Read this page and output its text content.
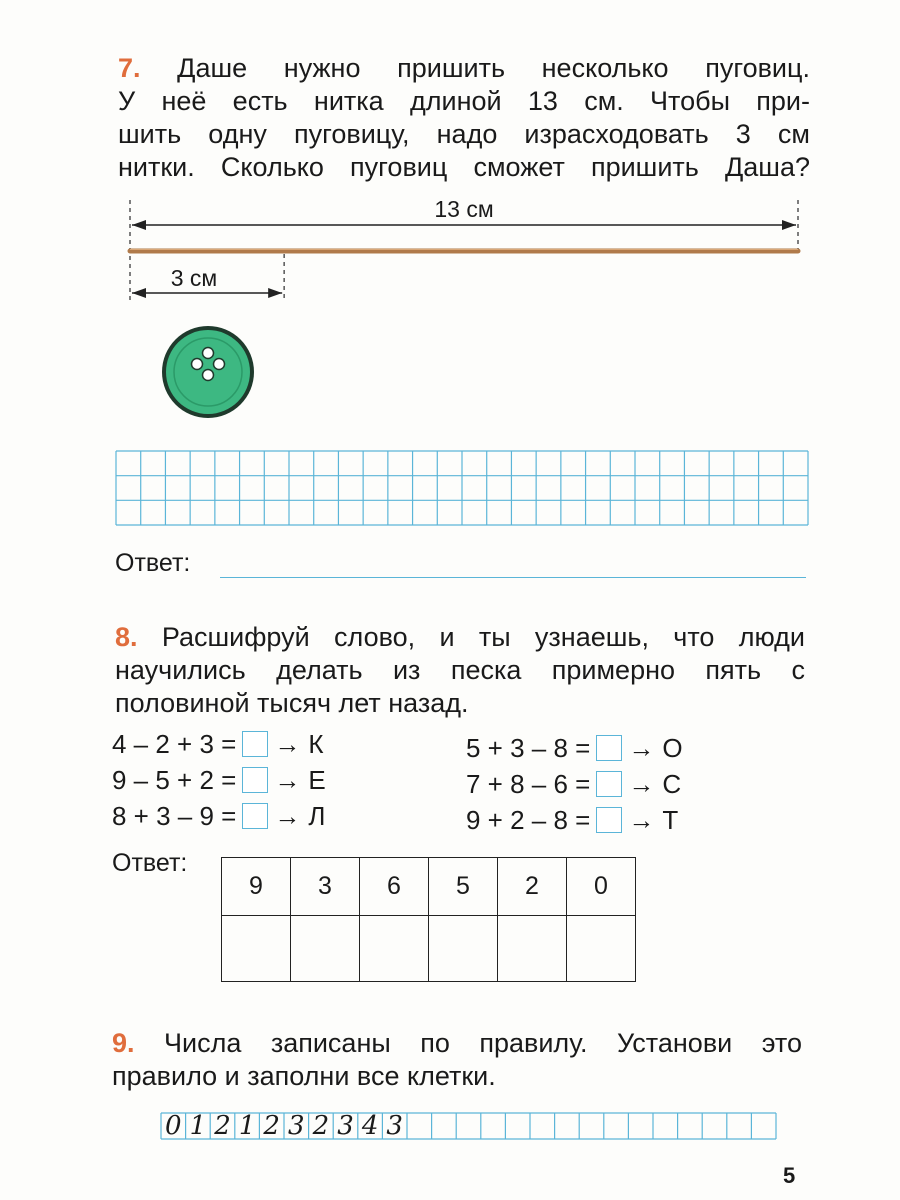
7. Даше нужно пришить несколько пуговиц.
У неё есть нитка длиной 13 см. Чтобы при-
шить одну пуговицу, надо израсходовать 3 см
нитки. Сколько пуговиц сможет пришить Даша?
13 см
3 см
Ответ:
8. Расшифруй слово, и ты узнаешь, что люди
научились делать из песка примерно пять с
половиной тысяч лет назад.
4 – 2 + 3 = → К
9 – 5 + 2 = → Е
8 + 3 – 9 = → Л
5 + 3 – 8 = → О
7 + 8 – 6 = → С
9 + 2 – 8 = → Т
Ответ:
9	3	6	5	2	0

9. Числа записаны по правилу. Установи это
правило и заполни все клетки.
0 1 2 1 2 3 2 3 4 3
5
